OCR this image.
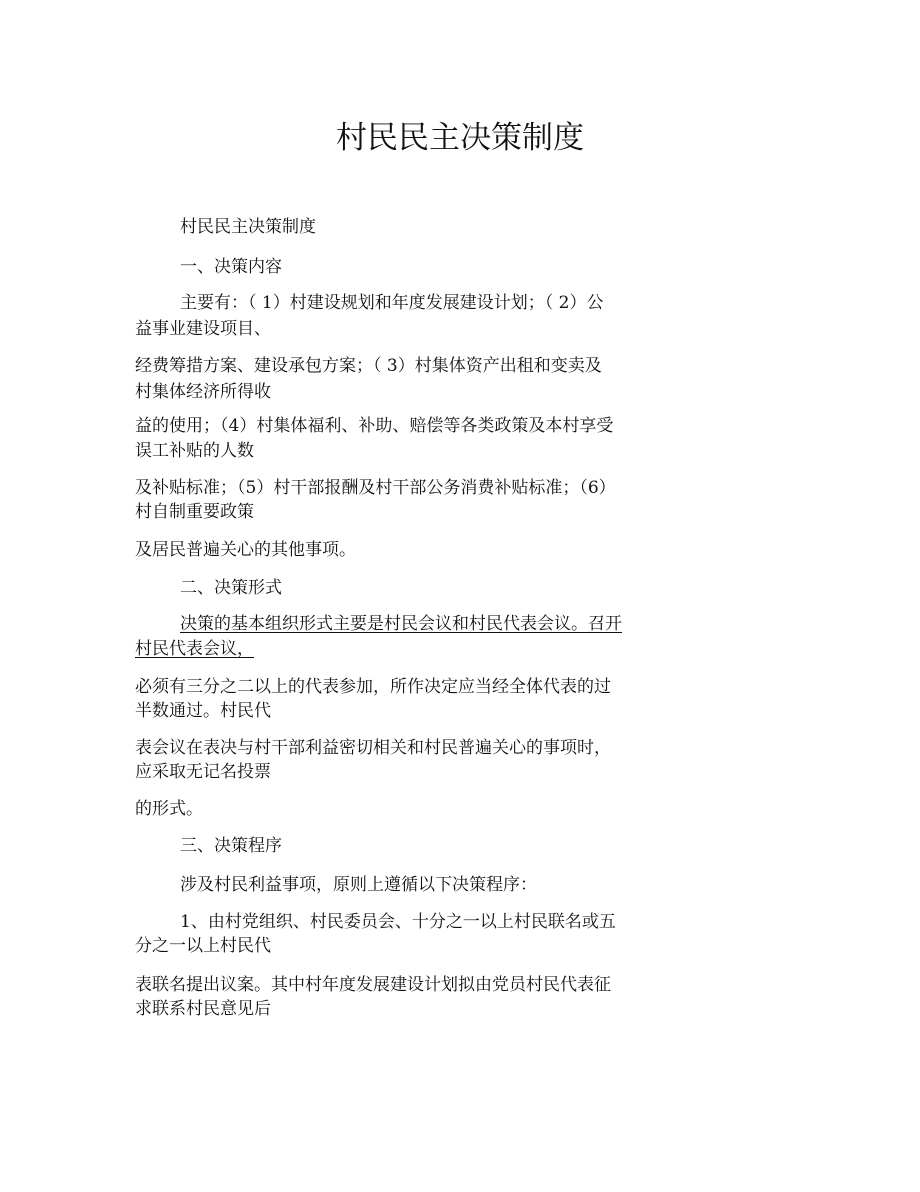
村民民主决策制度
村民民主决策制度
一、决策内容
主要有：（ 1）村建设规划和年度发展建设计划；（ 2）公
益事业建设项目、
经费筹措方案、建设承包方案；（ 3）村集体资产出租和变卖及
村集体经济所得收
益的使用；（4）村集体福利、补助、赔偿等各类政策及本村享受
误工补贴的人数
及补贴标准；（5）村干部报酬及村干部公务消费补贴标准；（6）
村自制重要政策
及居民普遍关心的其他事项。
二、决策形式
决策的基本组织形式主要是村民会议和村民代表会议。召开
村民代表会议，
必须有三分之二以上的代表参加，所作决定应当经全体代表的过
半数通过。村民代
表会议在表决与村干部利益密切相关和村民普遍关心的事项时，
应采取无记名投票
的形式。
三、决策程序
涉及村民利益事项，原则上遵循以下决策程序：
1、由村党组织、村民委员会、十分之一以上村民联名或五
分之一以上村民代
表联名提出议案。其中村年度发展建设计划拟由党员村民代表征
求联系村民意见后
